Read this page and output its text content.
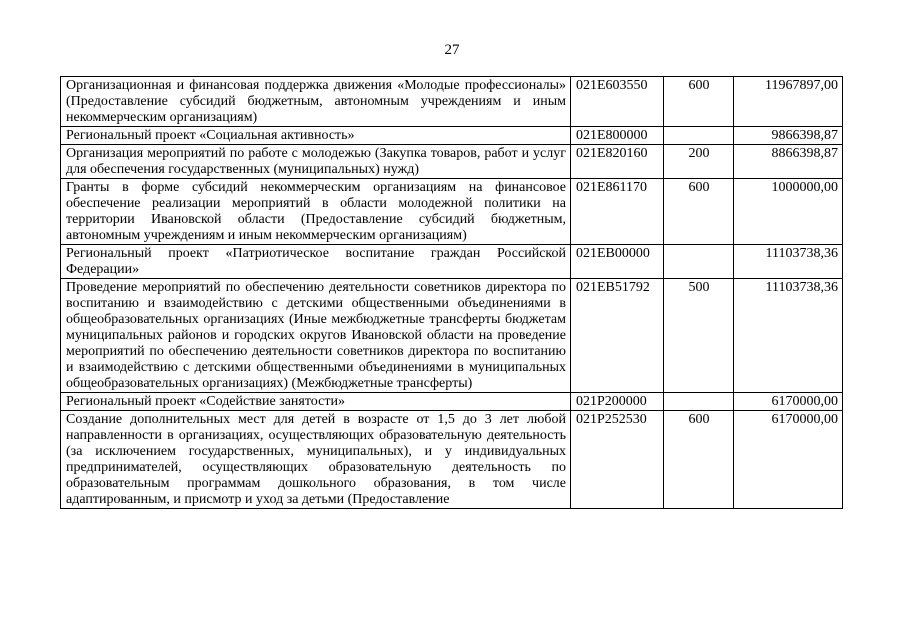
27
Организационная и финансовая поддержка движения «Молодые профессионалы» (Предоставление субсидий бюджетным, автономным учреждениям и иным некоммерческим организациям)	021Е603550	600	11967897,00
Региональный проект «Социальная активность»	021Е800000		9866398,87
Организация мероприятий по работе с молодежью (Закупка товаров, работ и услуг для обеспечения государственных (муниципальных) нужд)	021Е820160	200	8866398,87
Гранты в форме субсидий некоммерческим организациям на финансовое обеспечение реализации мероприятий в области молодежной политики на территории Ивановской области (Предоставление субсидий бюджетным, автономным учреждениям и иным некоммерческим организациям)	021Е861170	600	1000000,00
Региональный проект «Патриотическое воспитание граждан Российской Федерации»	021ЕВ00000		11103738,36
Проведение мероприятий по обеспечению деятельности советников директора по воспитанию и взаимодействию с детскими общественными объединениями в общеобразовательных организациях (Иные межбюджетные трансферты бюджетам муниципальных районов и городских округов Ивановской области на проведение мероприятий по обеспечению деятельности советников директора по воспитанию и взаимодействию с детскими общественными объединениями в муниципальных общеобразовательных организациях) (Межбюджетные трансферты)	021ЕВ51792	500	11103738,36
Региональный проект «Содействие занятости»	021Р200000		6170000,00
Создание дополнительных мест для детей в возрасте от 1,5 до 3 лет любой направленности в организациях, осуществляющих образовательную деятельность (за исключением государственных, муниципальных), и у индивидуальных предпринимателей, осуществляющих образовательную деятельность по образовательным программам дошкольного образования, в том числе адаптированным, и присмотр и уход за детьми (Предоставление	021Р252530	600	6170000,00
